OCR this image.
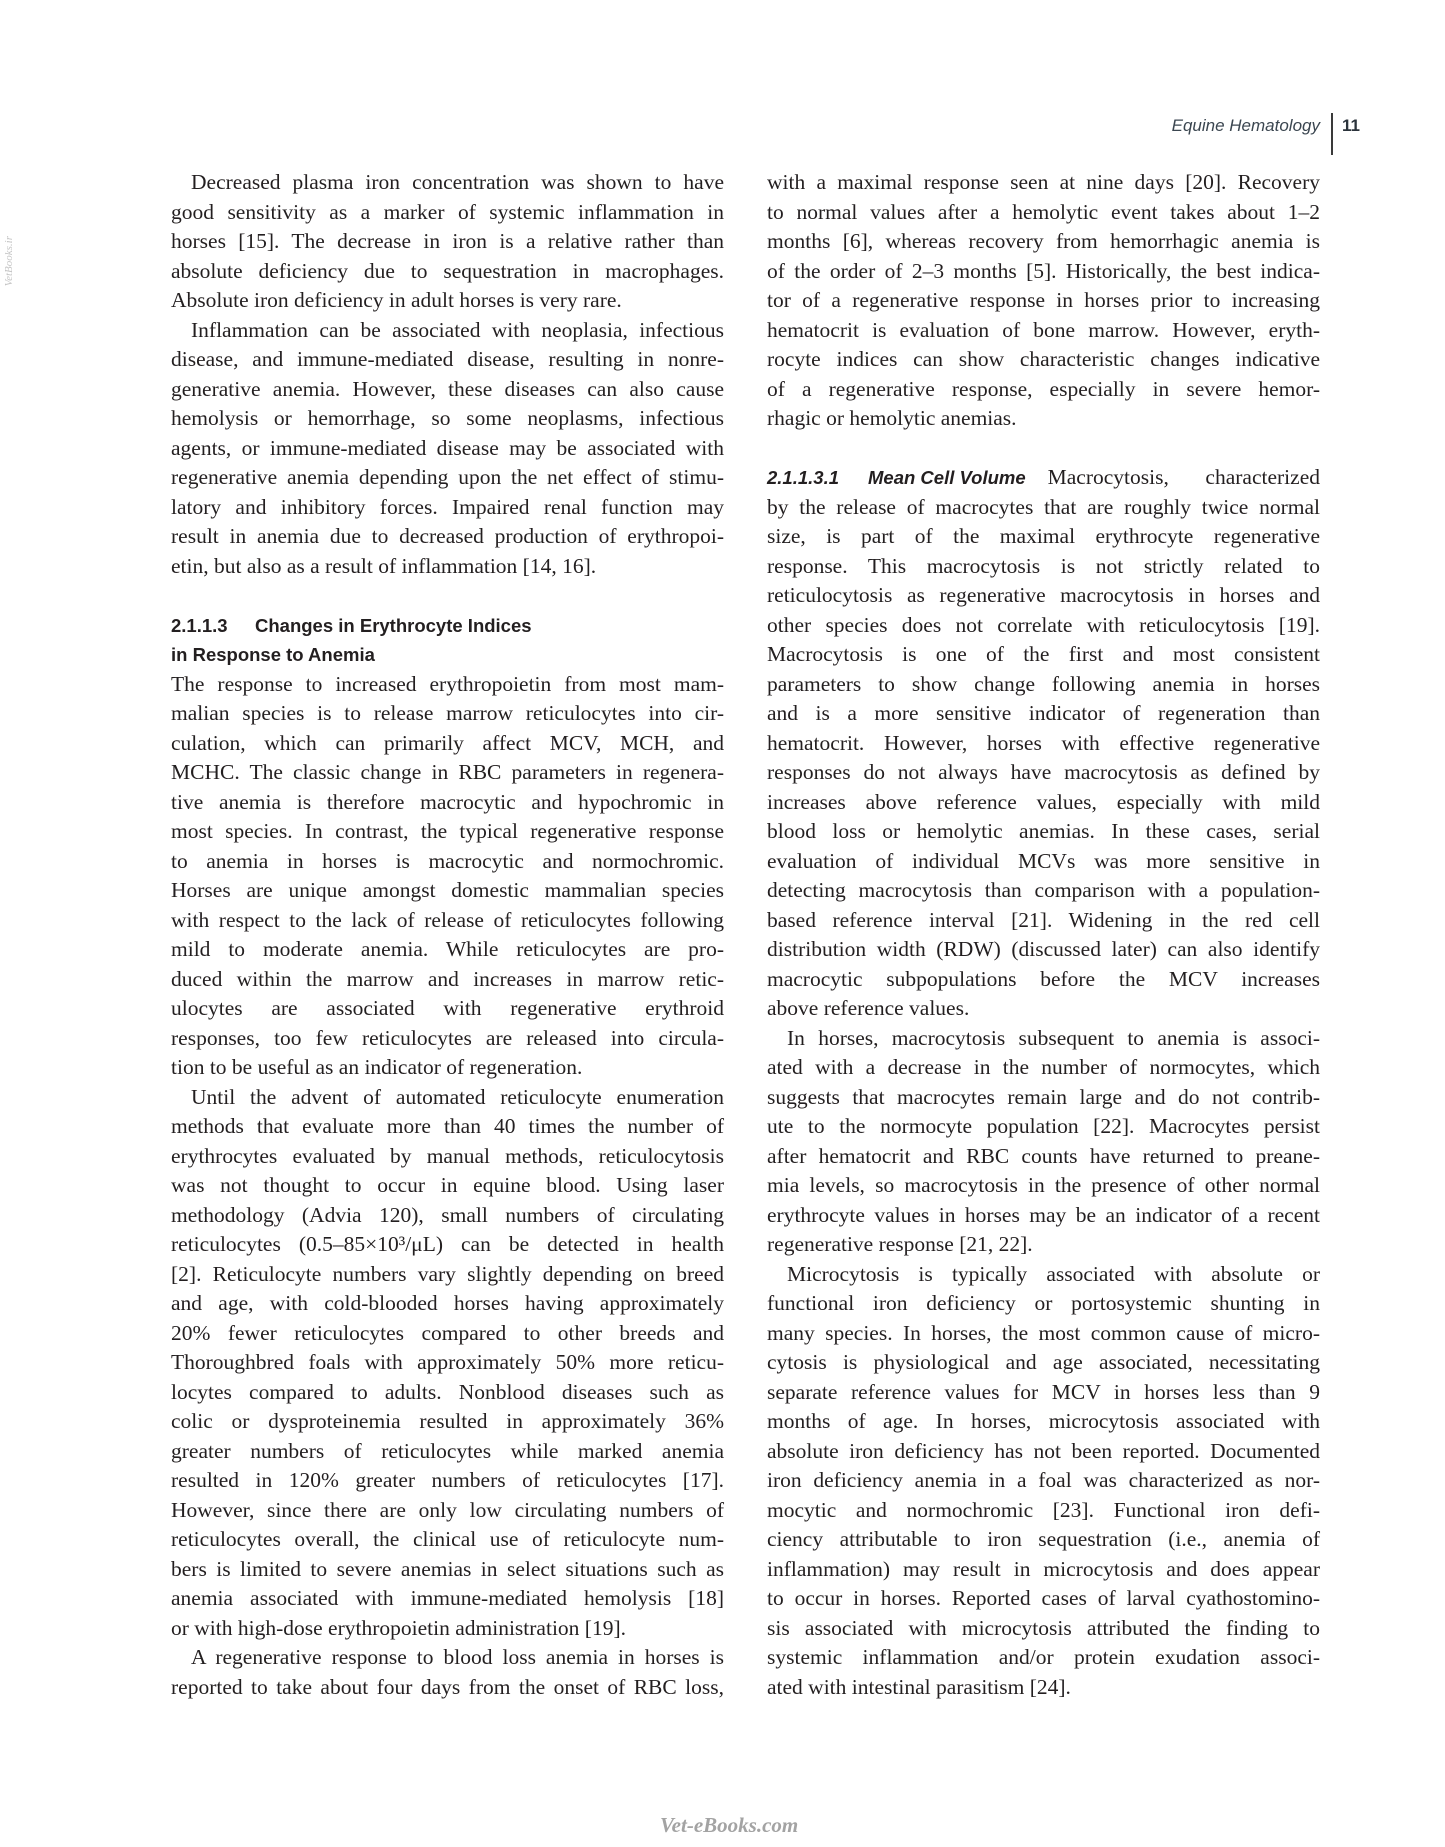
Equine Hematology 11
VetBooks.ir
Decreased plasma iron concentration was shown to have
good sensitivity as a marker of systemic inflammation in
horses [15]. The decrease in iron is a relative rather than
absolute deficiency due to sequestration in macrophages.
Absolute iron deficiency in adult horses is very rare.
Inflammation can be associated with neoplasia, infectious
disease, and immune-mediated disease, resulting in nonre-
generative anemia. However, these diseases can also cause
hemolysis or hemorrhage, so some neoplasms, infectious
agents, or immune-mediated disease may be associated with
regenerative anemia depending upon the net effect of stimu-
latory and inhibitory forces. Impaired renal function may
result in anemia due to decreased production of erythropoi-
etin, but also as a result of inflammation [14, 16].
2.1.1.3	Changes in Erythrocyte Indices
in Response to Anemia
The response to increased erythropoietin from most mam-
malian species is to release marrow reticulocytes into cir-
culation, which can primarily affect MCV, MCH, and
MCHC. The classic change in RBC parameters in regenera-
tive anemia is therefore macrocytic and hypochromic in
most species. In contrast, the typical regenerative response
to anemia in horses is macrocytic and normochromic.
Horses are unique amongst domestic mammalian species
with respect to the lack of release of reticulocytes following
mild to moderate anemia. While reticulocytes are pro-
duced within the marrow and increases in marrow retic-
ulocytes are associated with regenerative erythroid
responses, too few reticulocytes are released into circula-
tion to be useful as an indicator of regeneration.
Until the advent of automated reticulocyte enumeration
methods that evaluate more than 40 times the number of
erythrocytes evaluated by manual methods, reticulocytosis
was not thought to occur in equine blood. Using laser
methodology (Advia 120), small numbers of circulating
reticulocytes (0.5–85×10³/μL) can be detected in health
[2]. Reticulocyte numbers vary slightly depending on breed
and age, with cold-blooded horses having approximately
20% fewer reticulocytes compared to other breeds and
Thoroughbred foals with approximately 50% more reticu-
locytes compared to adults. Nonblood diseases such as
colic or dysproteinemia resulted in approximately 36%
greater numbers of reticulocytes while marked anemia
resulted in 120% greater numbers of reticulocytes [17].
However, since there are only low circulating numbers of
reticulocytes overall, the clinical use of reticulocyte num-
bers is limited to severe anemias in select situations such as
anemia associated with immune-mediated hemolysis [18]
or with high-dose erythropoietin administration [19].
A regenerative response to blood loss anemia in horses is
reported to take about four days from the onset of RBC loss,
with a maximal response seen at nine days [20]. Recovery
to normal values after a hemolytic event takes about 1–2
months [6], whereas recovery from hemorrhagic anemia is
of the order of 2–3 months [5]. Historically, the best indica-
tor of a regenerative response in horses prior to increasing
hematocrit is evaluation of bone marrow. However, eryth-
rocyte indices can show characteristic changes indicative
of a regenerative response, especially in severe hemor-
rhagic or hemolytic anemias.
2.1.1.3.1	Mean Cell Volume Macrocytosis, characterized
by the release of macrocytes that are roughly twice normal
size, is part of the maximal erythrocyte regenerative
response. This macrocytosis is not strictly related to
reticulocytosis as regenerative macrocytosis in horses and
other species does not correlate with reticulocytosis [19].
Macrocytosis is one of the first and most consistent
parameters to show change following anemia in horses
and is a more sensitive indicator of regeneration than
hematocrit. However, horses with effective regenerative
responses do not always have macrocytosis as defined by
increases above reference values, especially with mild
blood loss or hemolytic anemias. In these cases, serial
evaluation of individual MCVs was more sensitive in
detecting macrocytosis than comparison with a population-
based reference interval [21]. Widening in the red cell
distribution width (RDW) (discussed later) can also identify
macrocytic subpopulations before the MCV increases
above reference values.
In horses, macrocytosis subsequent to anemia is associ-
ated with a decrease in the number of normocytes, which
suggests that macrocytes remain large and do not contrib-
ute to the normocyte population [22]. Macrocytes persist
after hematocrit and RBC counts have returned to preane-
mia levels, so macrocytosis in the presence of other normal
erythrocyte values in horses may be an indicator of a recent
regenerative response [21, 22].
Microcytosis is typically associated with absolute or
functional iron deficiency or portosystemic shunting in
many species. In horses, the most common cause of micro-
cytosis is physiological and age associated, necessitating
separate reference values for MCV in horses less than 9
months of age. In horses, microcytosis associated with
absolute iron deficiency has not been reported. Documented
iron deficiency anemia in a foal was characterized as nor-
mocytic and normochromic [23]. Functional iron defi-
ciency attributable to iron sequestration (i.e., anemia of
inflammation) may result in microcytosis and does appear
to occur in horses. Reported cases of larval cyathostomino-
sis associated with microcytosis attributed the finding to
systemic inflammation and/or protein exudation associ-
ated with intestinal parasitism [24].
Vet-eBooks.com
